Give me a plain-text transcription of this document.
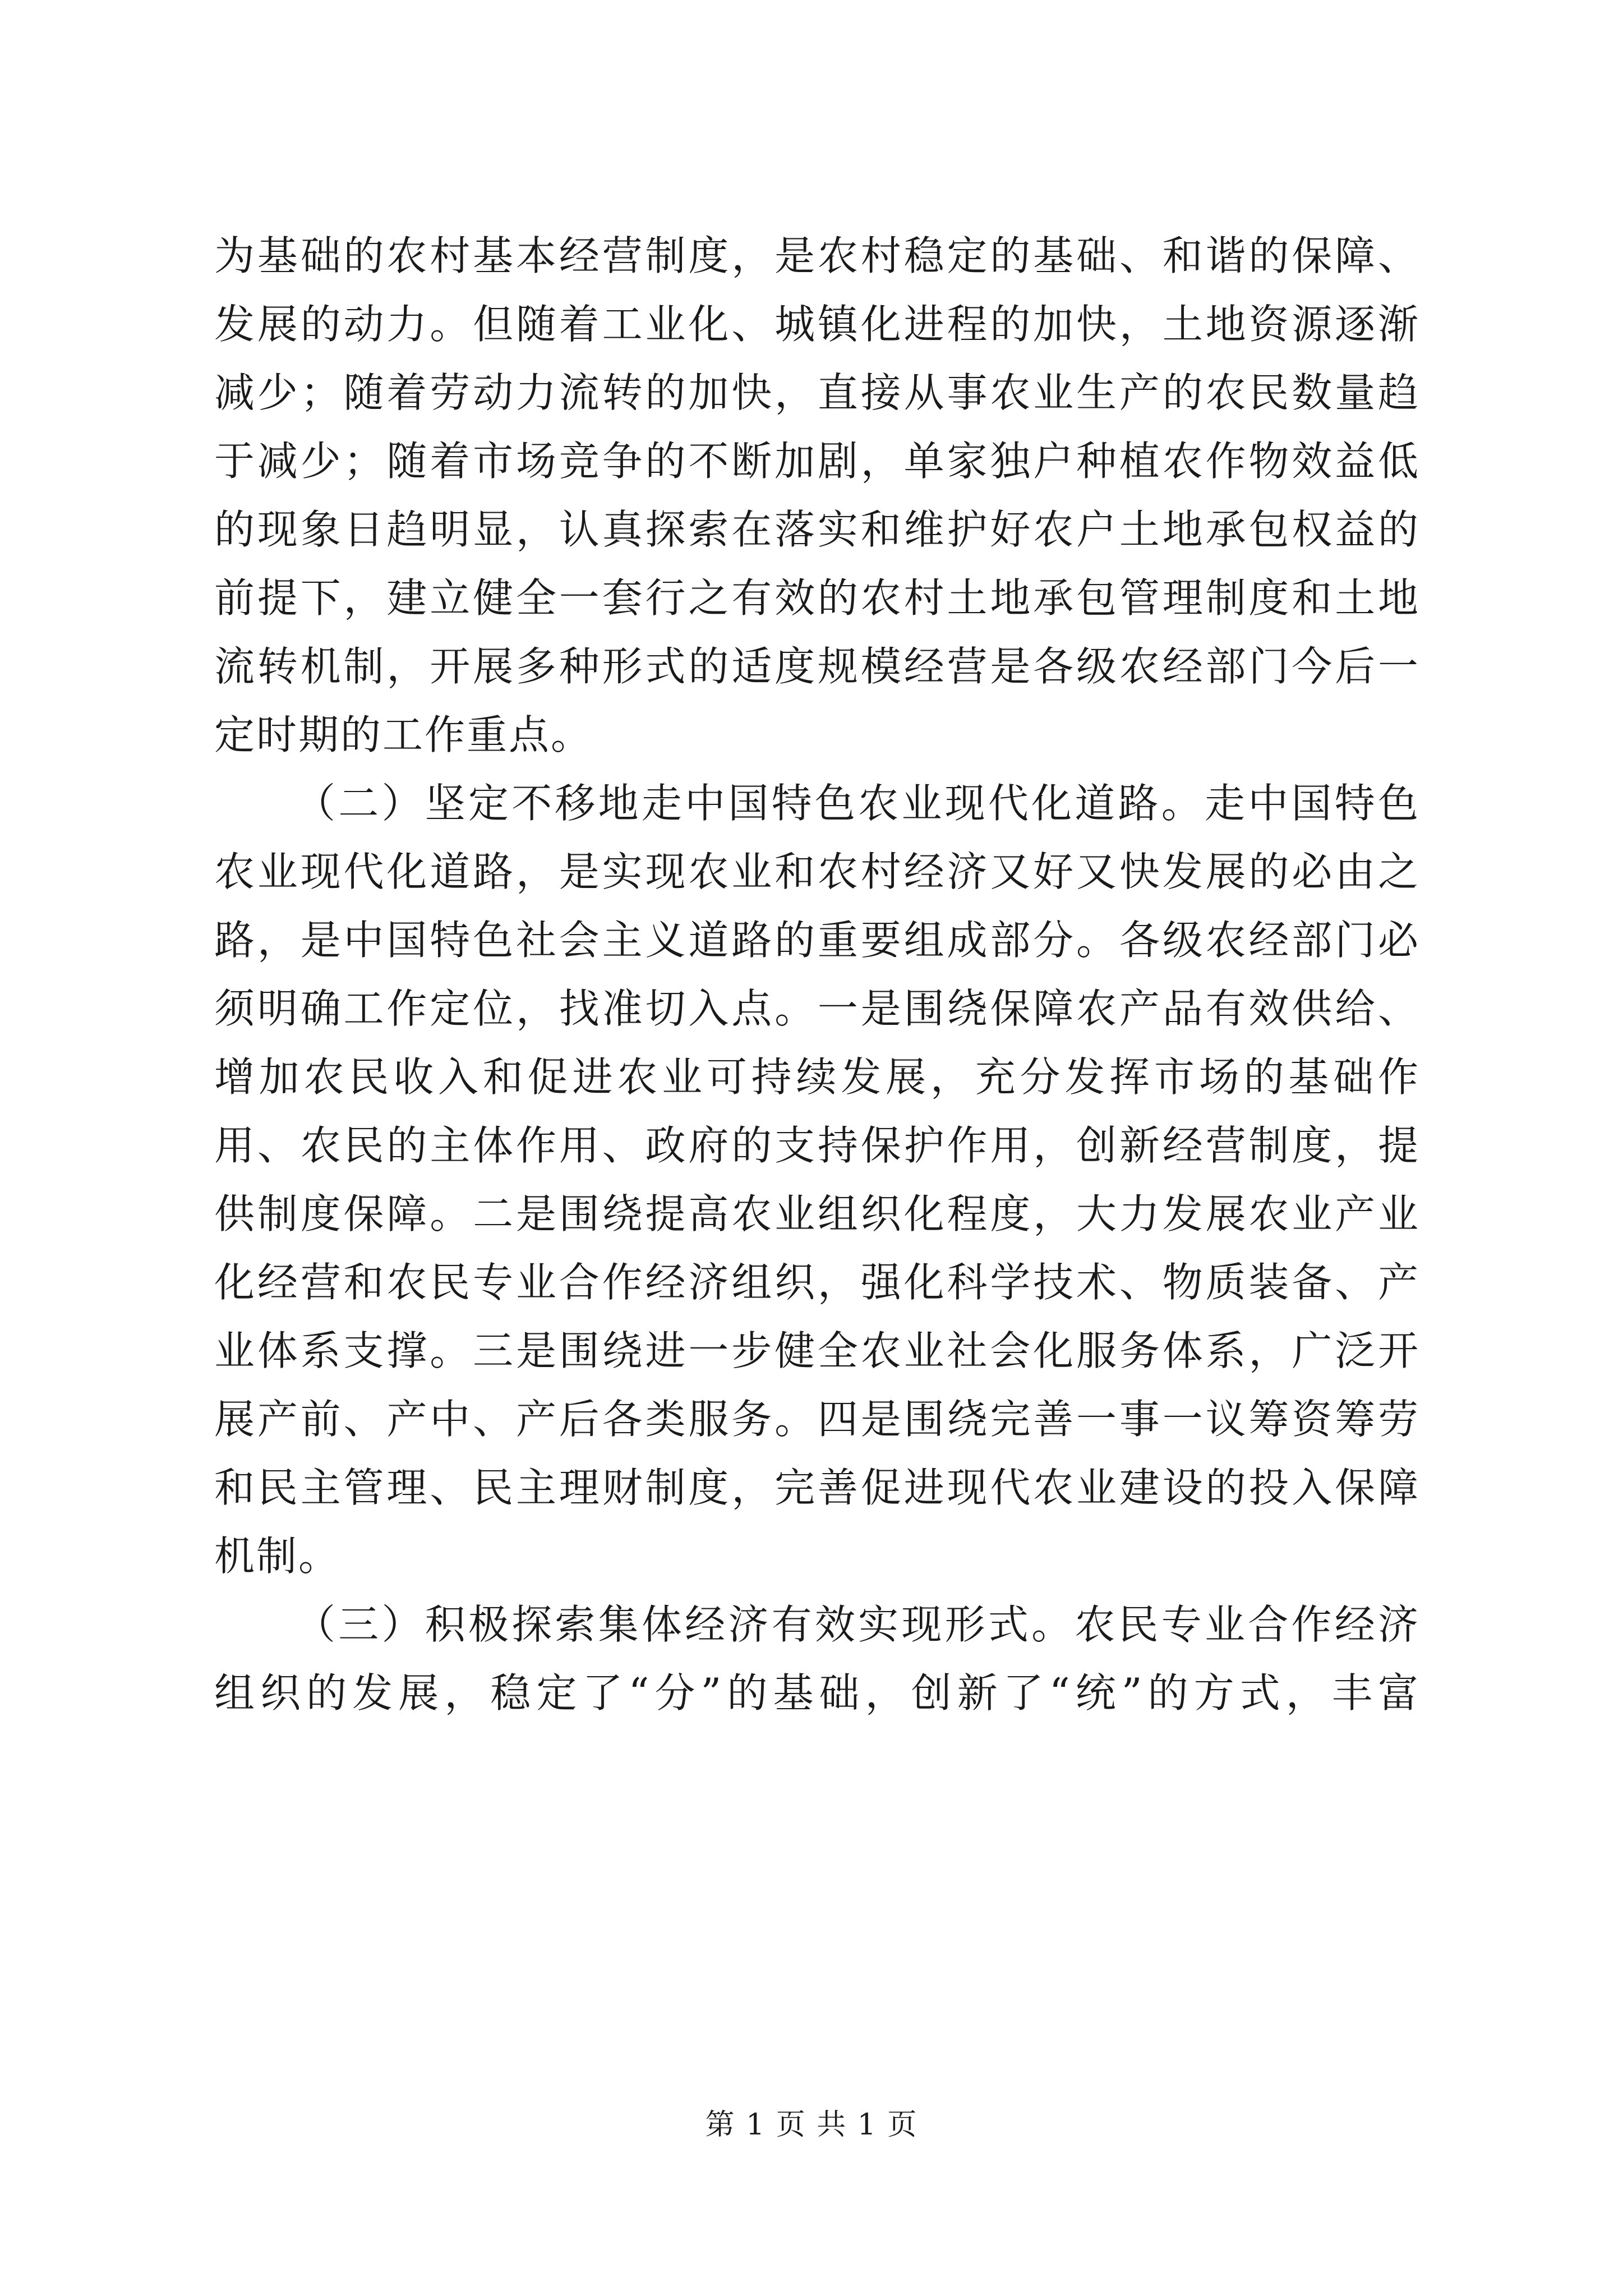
为基础的农村基本经营制度，是农村稳定的基础、和谐的保障、发展的动力。但随着工业化、城镇化进程的加快，土地资源逐渐减少；随着劳动力流转的加快，直接从事农业生产的农民数量趋于减少；随着市场竞争的不断加剧，单家独户种植农作物效益低的现象日趋明显，认真探索在落实和维护好农户土地承包权益的前提下，建立健全一套行之有效的农村土地承包管理制度和土地流转机制，开展多种形式的适度规模经营是各级农经部门今后一定时期的工作重点。

（二）坚定不移地走中国特色农业现代化道路。走中国特色农业现代化道路，是实现农业和农村经济又好又快发展的必由之路，是中国特色社会主义道路的重要组成部分。各级农经部门必须明确工作定位，找准切入点。一是围绕保障农产品有效供给、增加农民收入和促进农业可持续发展，充分发挥市场的基础作用、农民的主体作用、政府的支持保护作用，创新经营制度，提供制度保障。二是围绕提高农业组织化程度，大力发展农业产业化经营和农民专业合作经济组织，强化科学技术、物质装备、产业体系支撑。三是围绕进一步健全农业社会化服务体系，广泛开展产前、产中、产后各类服务。四是围绕完善一事一议筹资筹劳和民主管理、民主理财制度，完善促进现代农业建设的投入保障机制。

（三）积极探索集体经济有效实现形式。农民专业合作经济组织的发展，稳定了“分”的基础，创新了“统”的方式，丰富

第 1 页 共 1 页
